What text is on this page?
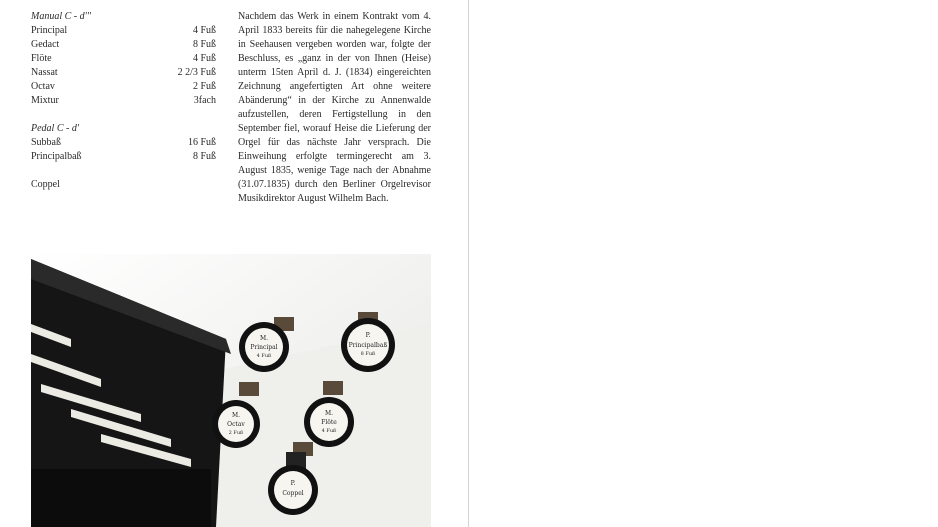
Manual C - d'''
Principal	4 Fuß
Gedact	8 Fuß
Flöte	4 Fuß
Nassat	2 2/3 Fuß
Octav	2 Fuß
Mixtur	3fach
Pedal C - d'
Subbaß	16 Fuß
Principalbaß	8 Fuß
Coppel

Nachdem das Werk in einem Kontrakt vom 4. April 1833 bereits für die nahegelegene Kirche in Seehausen vergeben worden war, folgte der Beschluss, es „ganz in der von Ihnen (Heise) unterm 15ten April d. J. (1834) eingereichten Zeichnung angefertigten Art ohne weitere Abänderung“ in der Kirche zu Annenwalde aufzustellen, deren Fertigstellung in den September fiel, worauf Heise die Lieferung der Orgel für das nächste Jahr versprach. Die Einweihung erfolgte termingerecht am 3. August 1835, wenige Tage nach der Abnahme (31.07.1835) durch den Berliner Orgelrevisor Musikdirektor August Wilhelm Bach.

M.
Principal
4 Fuß
P.
Principalbaß
8 Fuß
M.
Octav
2 Fuß
M.
Flöte
4 Fuß
P.
Coppel
